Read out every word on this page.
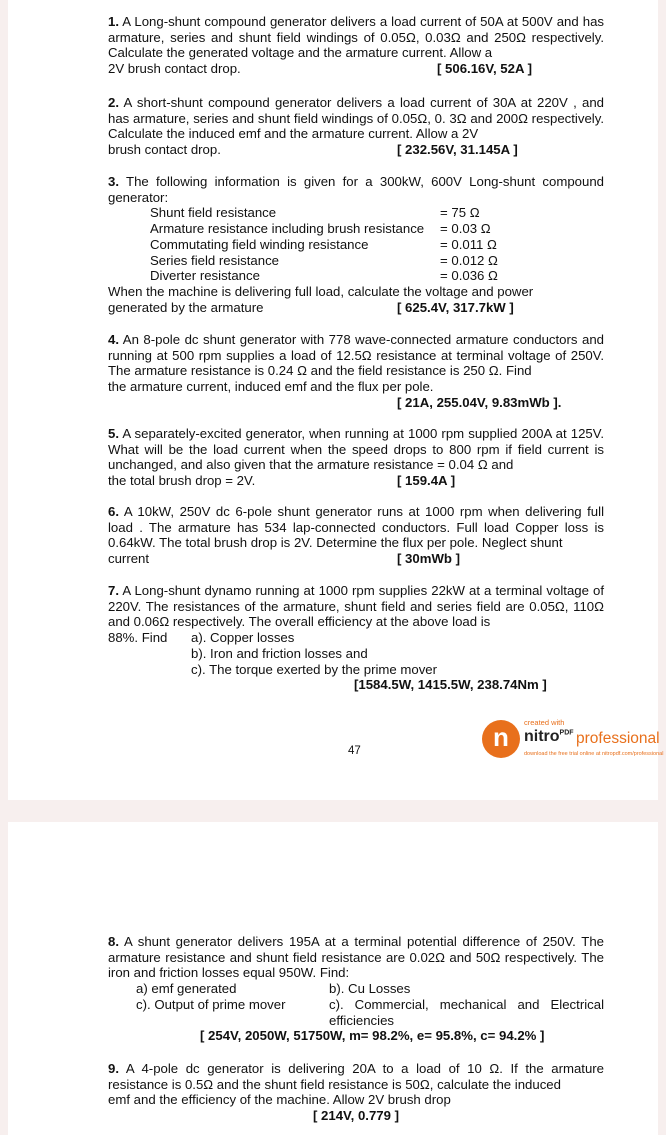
1. A Long-shunt compound generator delivers a load current of 50A at 500V and has armature, series and shunt field windings of 0.05Ω, 0.03Ω and 250Ω respectively. Calculate the generated voltage and the armature current. Allow a

2V brush contact drop.	[ 506.16V, 52A ]

2. A short-shunt compound generator delivers a load current of 30A at 220V , and has armature, series and shunt field windings of 0.05Ω, 0. 3Ω and 200Ω respectively. Calculate the induced emf and the armature current. Allow a 2V

brush contact drop.	[ 232.56V, 31.145A ]

3. The following information is given for a 300kW, 600V Long-shunt compound generator:

Shunt field resistance	= 75 Ω
Armature resistance including brush resistance = 0.03 Ω
Commutating field winding resistance	= 0.011 Ω
Series field resistance	= 0.012 Ω
Diverter resistance	= 0.036 Ω

When the machine is delivering full load, calculate the voltage and power

generated by the armature	[ 625.4V, 317.7kW ]

4. An 8-pole dc shunt generator with 778 wave-connected armature conductors and running at 500 rpm supplies a load of 12.5Ω resistance at terminal voltage of 250V. The armature resistance is 0.24 Ω and the field resistance is 250 Ω. Find

the armature current, induced emf and the flux per pole.

[ 21A, 255.04V, 9.83mWb ].

5. A separately-excited generator, when running at 1000 rpm supplied 200A at 125V. What will be the load current when the speed drops to 800 rpm if field current is unchanged, and also given that the armature resistance = 0.04 Ω and

the total brush drop = 2V.	[ 159.4A ]

6. A 10kW, 250V dc 6-pole shunt generator runs at 1000 rpm when delivering full load . The armature has 534 lap-connected conductors. Full load Copper loss is 0.64kW. The total brush drop is 2V. Determine the flux per pole. Neglect shunt

current	[ 30mWb ]

7. A Long-shunt dynamo running at 1000 rpm supplies 22kW at a terminal voltage of 220V. The resistances of the armature, shunt field and series field are 0.05Ω, 110Ω and 0.06Ω respectively. The overall efficiency at the above load is

88%. Find	a). Copper losses
b). Iron and friction losses and
c). The torque exerted by the prime mover
[1584.5W, 1415.5W, 238.74Nm ]
47	n	created with
nitro$^{PDF}$ professional
download the free trial online at nitropdf.com/professional

8. A shunt generator delivers 195A at a terminal potential difference of 250V. The armature resistance and shunt field resistance are 0.02Ω and 50Ω respectively. The iron and friction losses equal 950W. Find:

a) emf generated	b). Cu Losses
c). Output of prime mover	c). Commercial, mechanical and Electrical efficiencies
[ 254V, 2050W, 51750W, m= 98.2%, e= 95.8%, c= 94.2% ]

9. A 4-pole dc generator is delivering 20A to a load of 10 Ω. If the armature resistance is 0.5Ω and the shunt field resistance is 50Ω, calculate the induced

emf and the efficiency of the machine. Allow 2V brush drop

[ 214V, 0.779 ]
